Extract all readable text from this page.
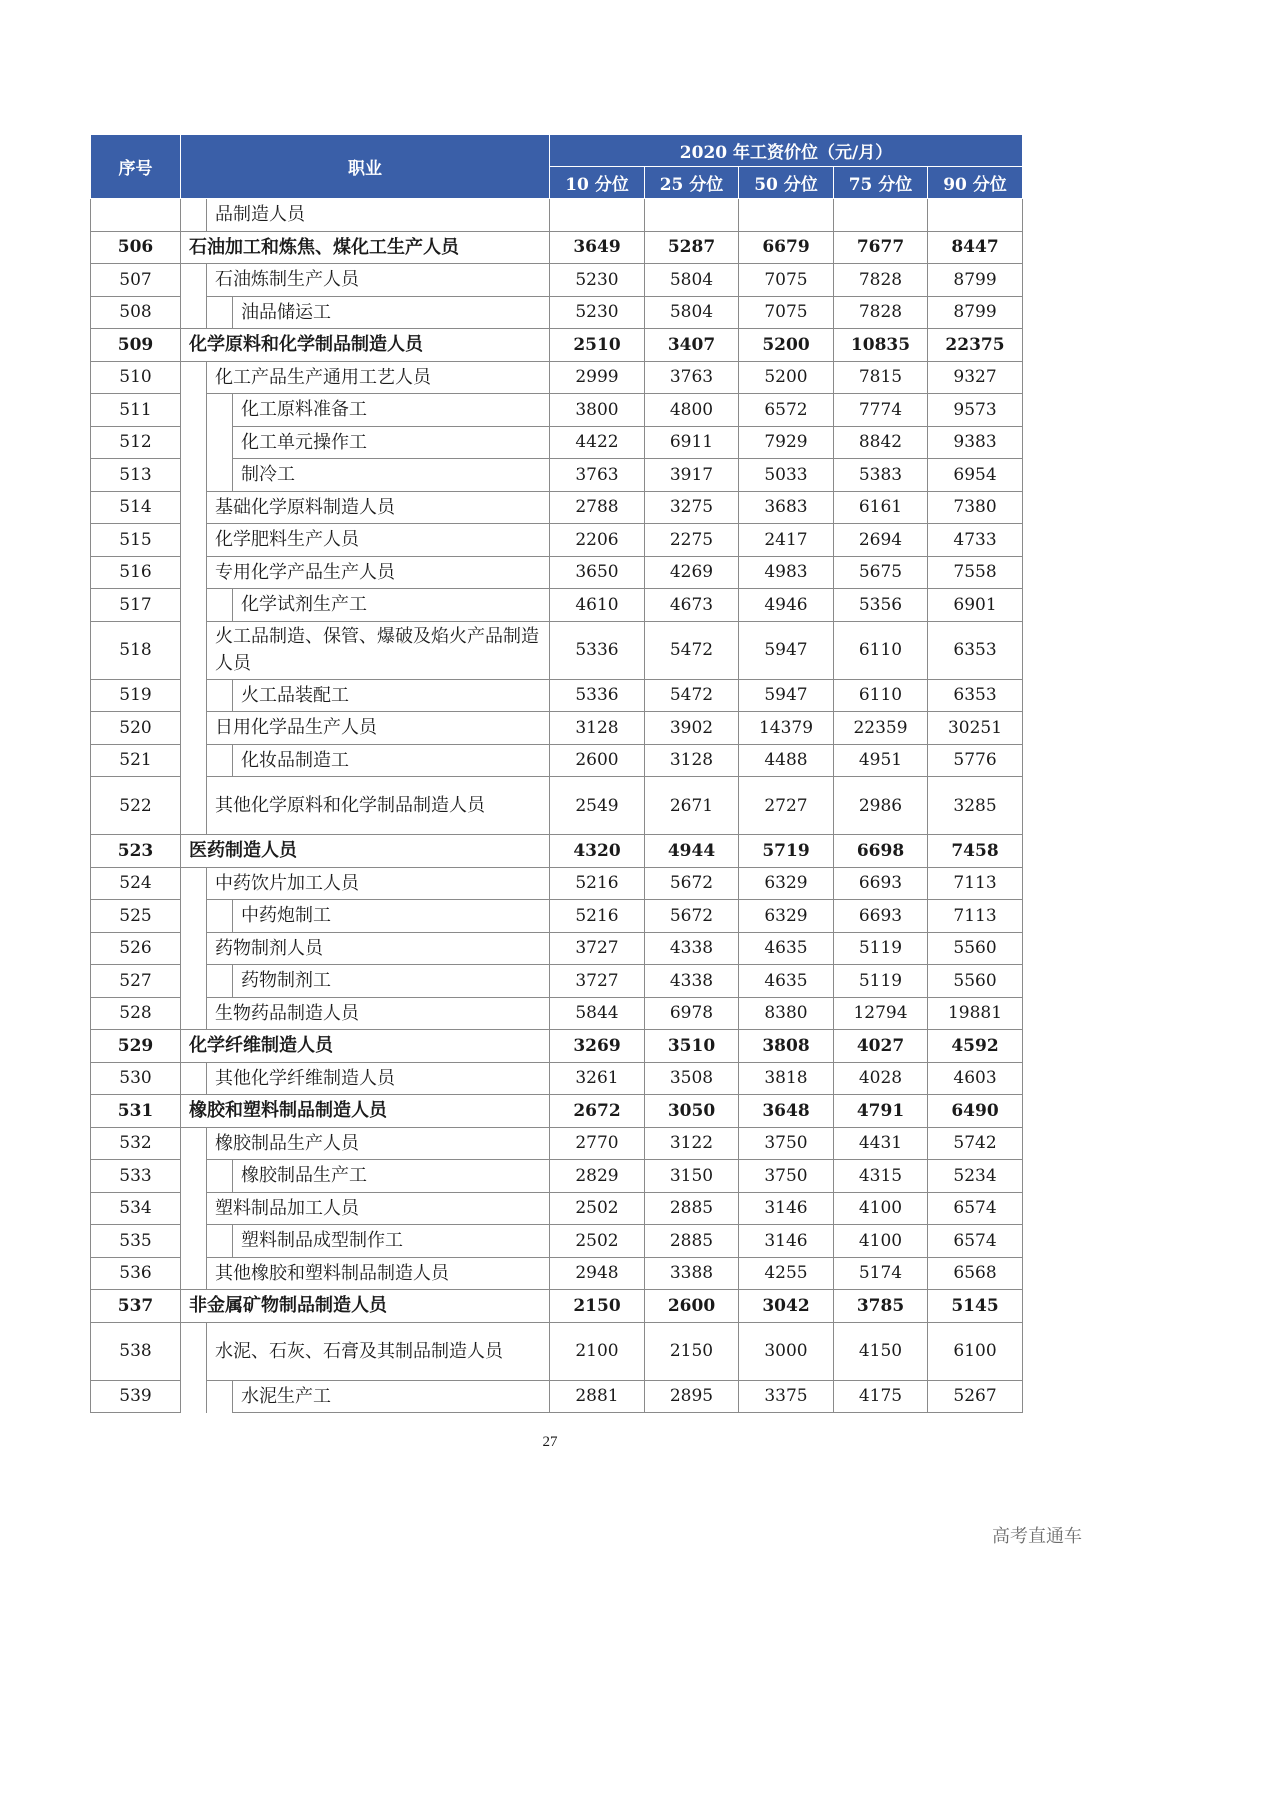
序号	职业			2020 年工资价位（元/月）				
				10 分位	25 分位	50 分位	75 分位	90 分位
		品制造人员						
506	石油加工和炼焦、煤化工生产人员			3649	5287	6679	7677	8447
507		石油炼制生产人员		5230	5804	7075	7828	8799
508			油品储运工	5230	5804	7075	7828	8799
509	化学原料和化学制品制造人员			2510	3407	5200	10835	22375
510		化工产品生产通用工艺人员		2999	3763	5200	7815	9327
511			化工原料准备工	3800	4800	6572	7774	9573
512			化工单元操作工	4422	6911	7929	8842	9383
513			制冷工	3763	3917	5033	5383	6954
514		基础化学原料制造人员		2788	3275	3683	6161	7380
515		化学肥料生产人员		2206	2275	2417	2694	4733
516		专用化学产品生产人员		3650	4269	4983	5675	7558
517			化学试剂生产工	4610	4673	4946	5356	6901
518		火工品制造、保管、爆破及焰火产品制造人员		5336	5472	5947	6110	6353
519			火工品装配工	5336	5472	5947	6110	6353
520		日用化学品生产人员		3128	3902	14379	22359	30251
521			化妆品制造工	2600	3128	4488	4951	5776
522		其他化学原料和化学制品制造人员		2549	2671	2727	2986	3285
523	医药制造人员			4320	4944	5719	6698	7458
524		中药饮片加工人员		5216	5672	6329	6693	7113
525			中药炮制工	5216	5672	6329	6693	7113
526		药物制剂人员		3727	4338	4635	5119	5560
527			药物制剂工	3727	4338	4635	5119	5560
528		生物药品制造人员		5844	6978	8380	12794	19881
529	化学纤维制造人员			3269	3510	3808	4027	4592
530		其他化学纤维制造人员		3261	3508	3818	4028	4603
531	橡胶和塑料制品制造人员			2672	3050	3648	4791	6490
532		橡胶制品生产人员		2770	3122	3750	4431	5742
533			橡胶制品生产工	2829	3150	3750	4315	5234
534		塑料制品加工人员		2502	2885	3146	4100	6574
535			塑料制品成型制作工	2502	2885	3146	4100	6574
536		其他橡胶和塑料制品制造人员		2948	3388	4255	5174	6568
537	非金属矿物制品制造人员			2150	2600	3042	3785	5145
538		水泥、石灰、石膏及其制品制造人员		2100	2150	3000	4150	6100
539			水泥生产工	2881	2895	3375	4175	5267
27
高考直通车
